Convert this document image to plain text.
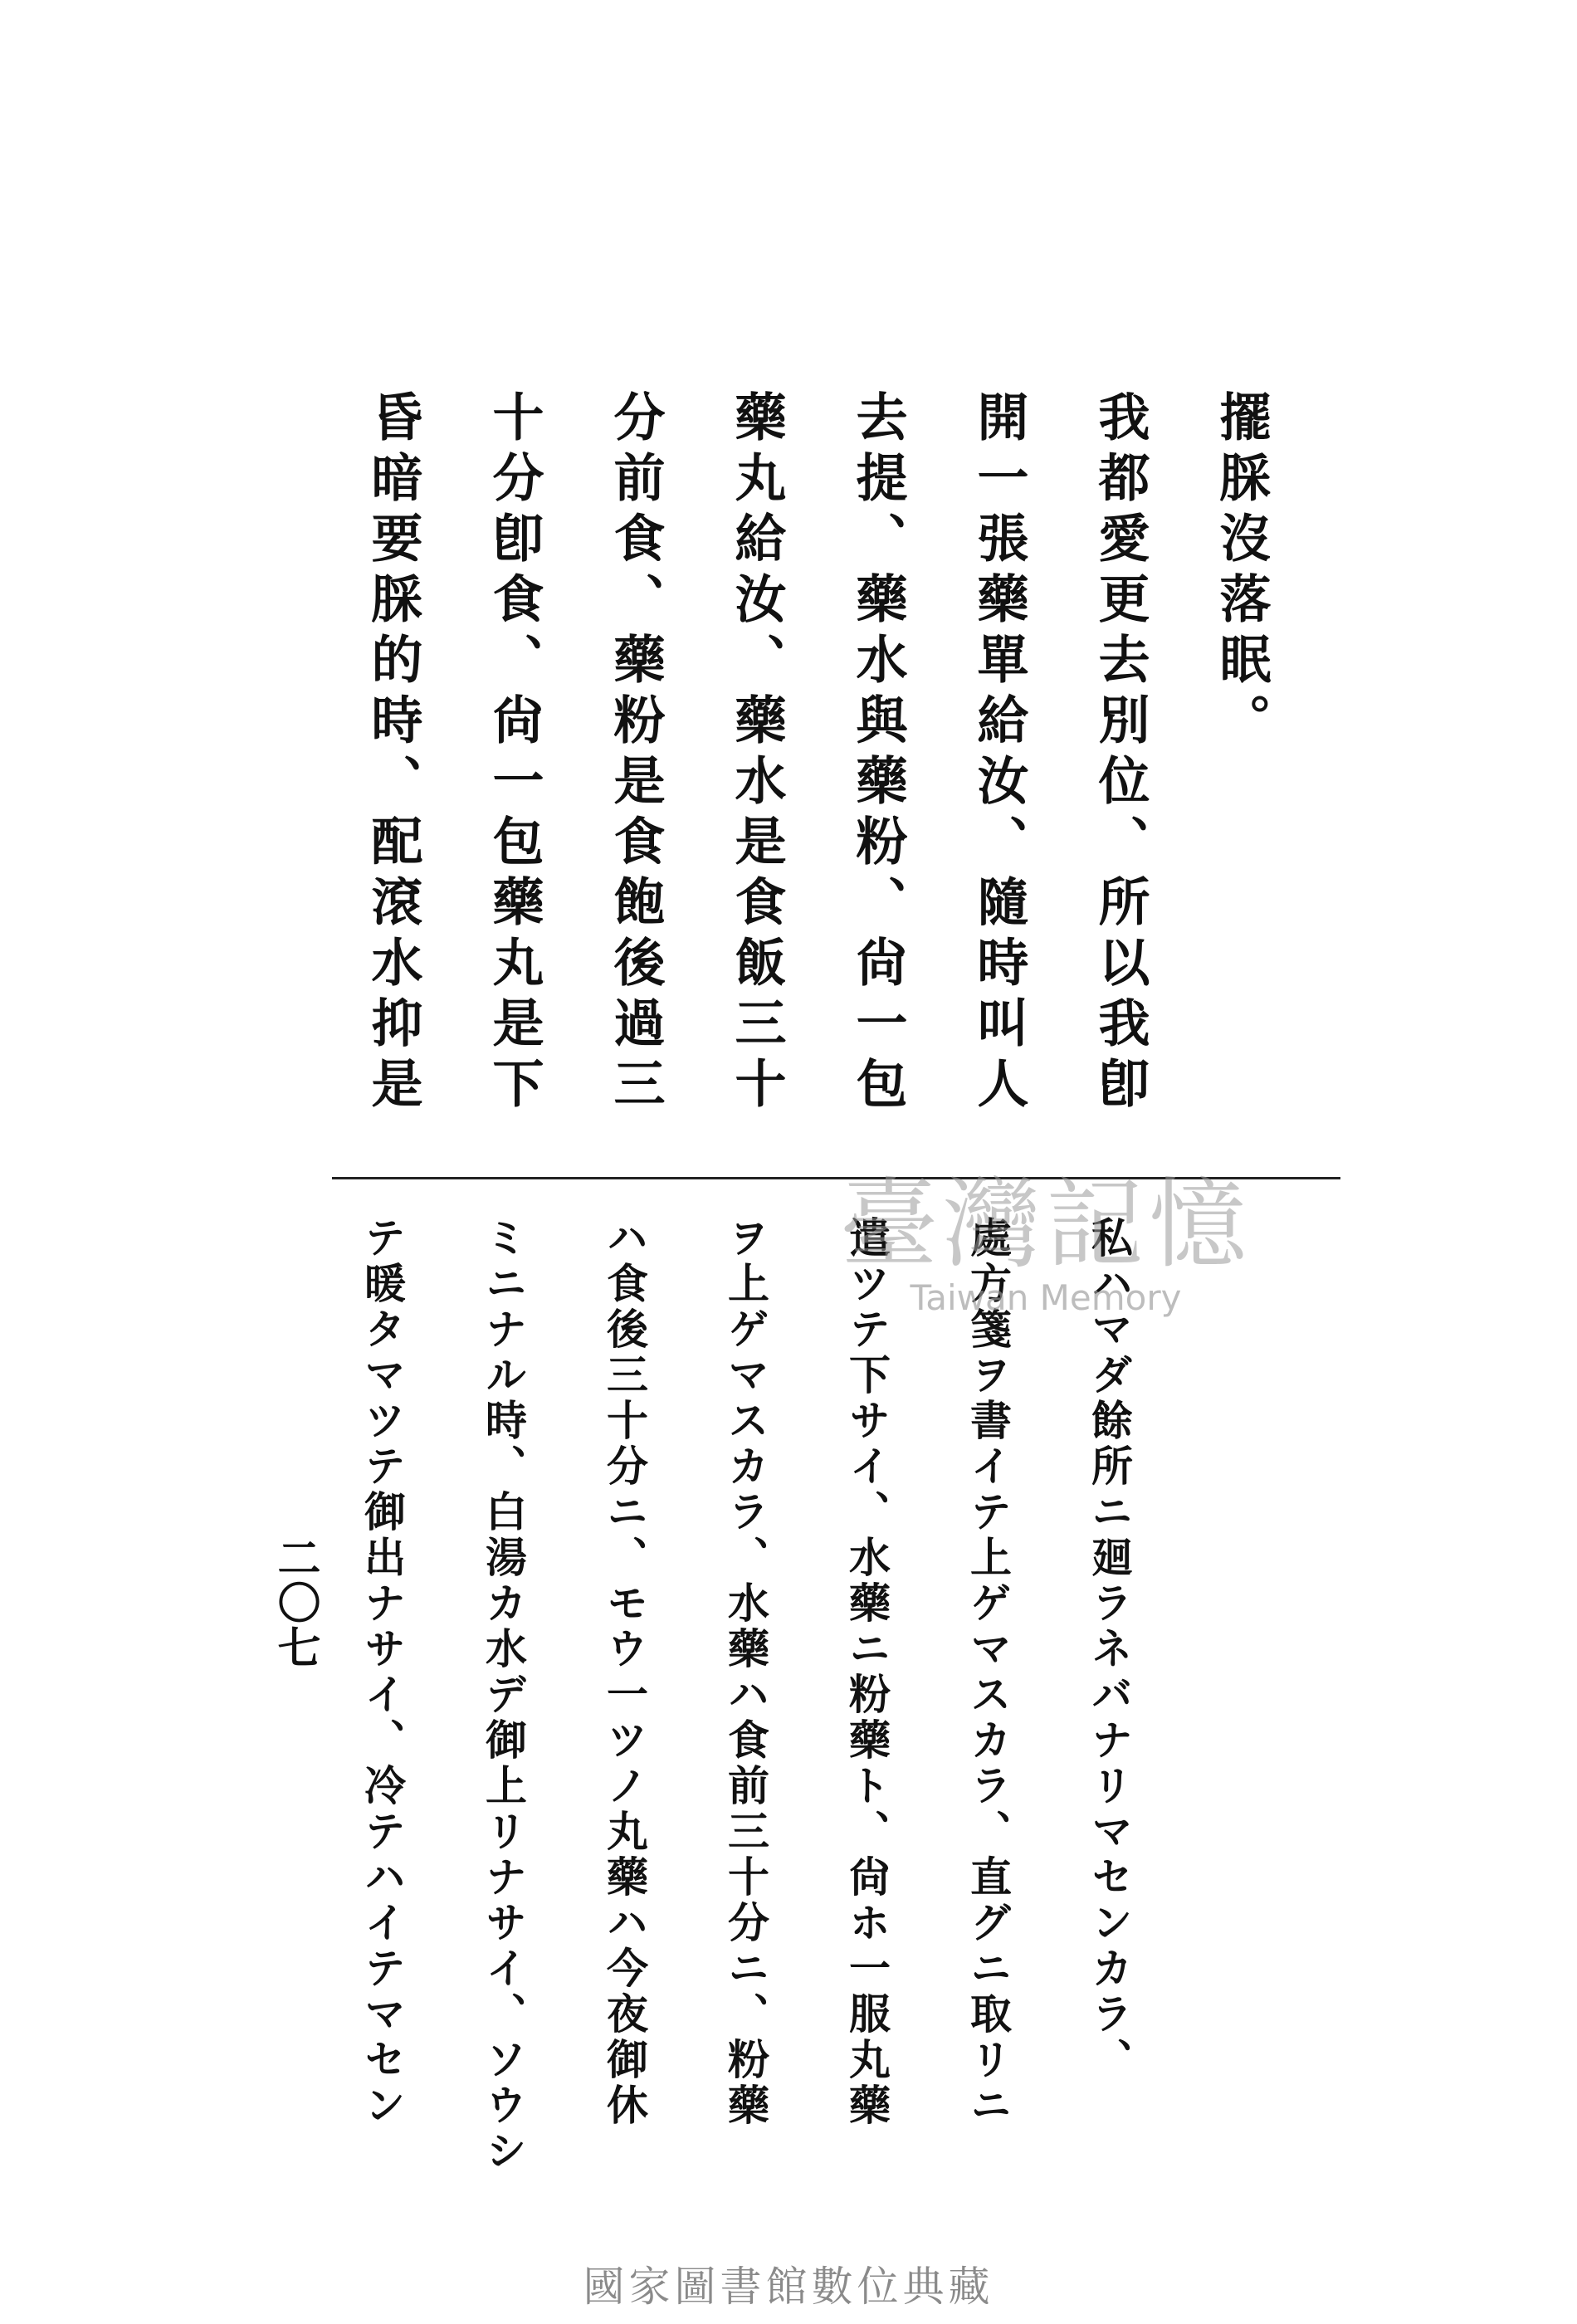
擺䐆沒落眠。
我都愛更去別位、所以我卽
開一張藥單給汝、隨時叫人
去提、藥水與藥粉、尙一包
藥丸給汝、藥水是食飯三十
分前食、藥粉是食飽後過三
十分卽食、尙一包藥丸是下
昏暗要䐆的時、配滾水抑是
私ハマダ餘所ニ廻ラネバナリマセンカラ、
處方箋ヲ書イテ上ゲマスカラ、直グニ取リニ
遣ツテ下サイ、水藥ニ粉藥ト、尙ホ一服丸藥
ヲ上ゲマスカラ、水藥ハ食前三十分ニ、粉藥
ハ食後三十分ニ、モウ一ツノ丸藥ハ今夜御休
ミニナル時、白湯カ水デ御上リナサイ、ソウシ
テ暖タマツテ御出ナサイ、冷テハイテマセン
二〇七
臺灣記憶
Taiwan Memory
國家圖書館數位典藏
